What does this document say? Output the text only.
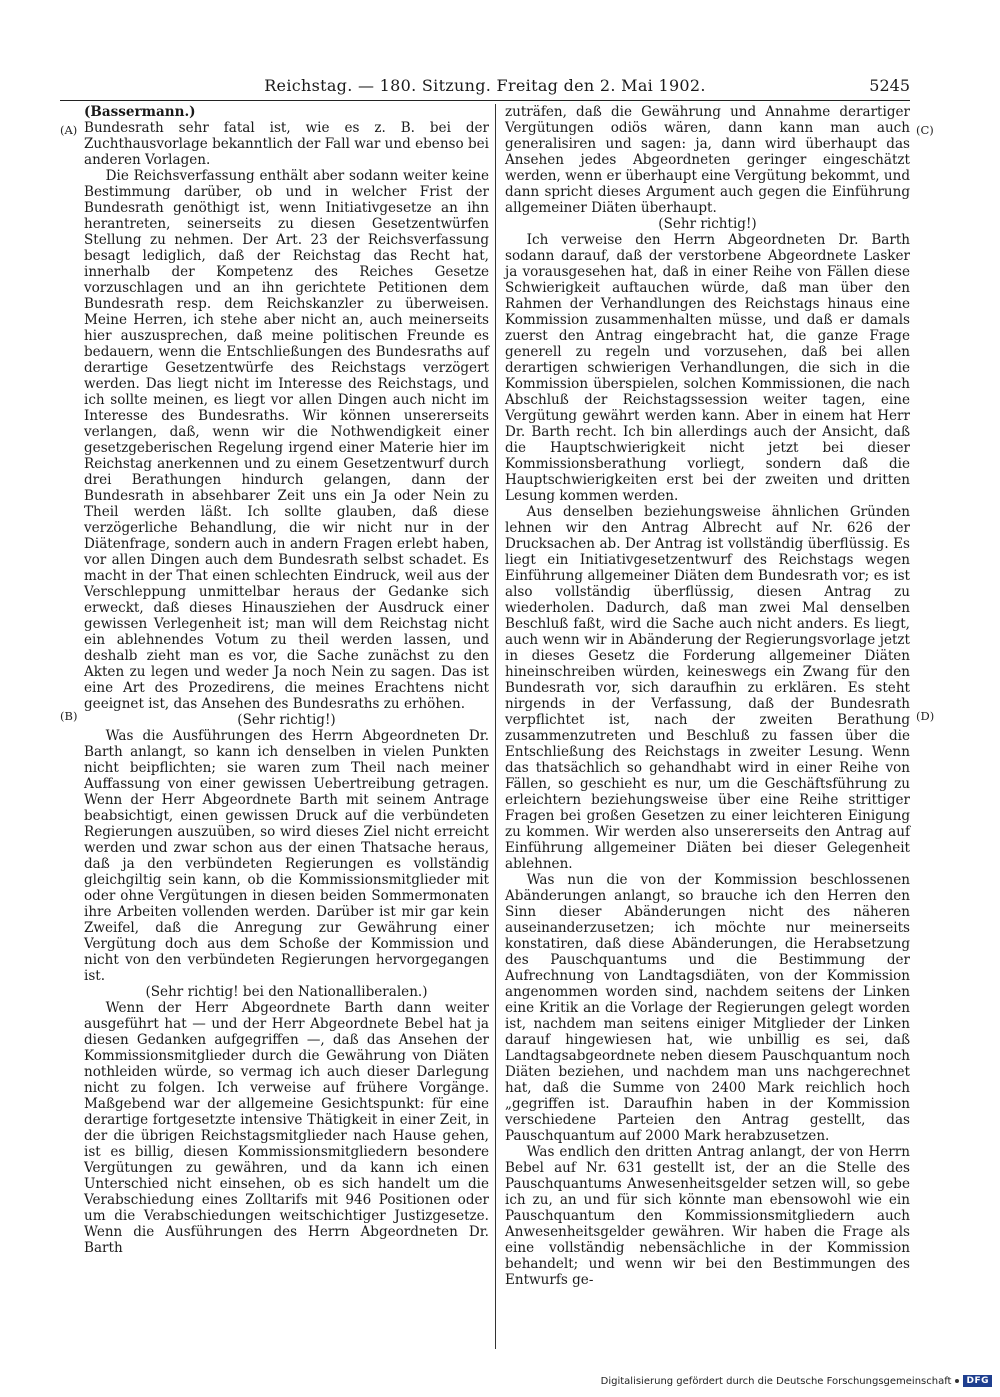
Reichstag. — 180. Sitzung. Freitag den 2. Mai 1902.	5245
(A)
(B)
(C)
(D)

(Bassermann.)

Bundesrath sehr fatal ist, wie es z. B. bei der Zuchthausvorlage bekanntlich der Fall war und ebenso bei anderen Vorlagen.

Die Reichsverfassung enthält aber sodann weiter keine Bestimmung darüber, ob und in welcher Frist der Bundesrath genöthigt ist, wenn Initiativgesetze an ihn herantreten, seinerseits zu diesen Gesetzentwürfen Stellung zu nehmen. Der Art. 23 der Reichsverfassung besagt lediglich, daß der Reichstag das Recht hat, innerhalb der Kompetenz des Reiches Gesetze vorzuschlagen und an ihn gerichtete Petitionen dem Bundesrath resp. dem Reichskanzler zu überweisen. Meine Herren, ich stehe aber nicht an, auch meinerseits hier auszusprechen, daß meine politischen Freunde es bedauern, wenn die Entschließungen des Bundesraths auf derartige Gesetzentwürfe des Reichstags verzögert werden. Das liegt nicht im Interesse des Reichstags, und ich sollte meinen, es liegt vor allen Dingen auch nicht im Interesse des Bundesraths. Wir können unsererseits verlangen, daß, wenn wir die Nothwendigkeit einer gesetzgeberischen Regelung irgend einer Materie hier im Reichstag anerkennen und zu einem Gesetzentwurf durch drei Berathungen hindurch gelangen, dann der Bundesrath in absehbarer Zeit uns ein Ja oder Nein zu Theil werden läßt. Ich sollte glauben, daß diese verzögerliche Behandlung, die wir nicht nur in der Diätenfrage, sondern auch in andern Fragen erlebt haben, vor allen Dingen auch dem Bundesrath selbst schadet. Es macht in der That einen schlechten Eindruck, weil aus der Verschleppung unmittelbar heraus der Gedanke sich erweckt, daß dieses Hinausziehen der Ausdruck einer gewissen Verlegenheit ist; man will dem Reichstag nicht ein ablehnendes Votum zu theil werden lassen, und deshalb zieht man es vor, die Sache zunächst zu den Akten zu legen und weder Ja noch Nein zu sagen. Das ist eine Art des Prozedirens, die meines Erachtens nicht geeignet ist, das Ansehen des Bundesraths zu erhöhen.

(Sehr richtig!)

Was die Ausführungen des Herrn Abgeordneten Dr. Barth anlangt, so kann ich denselben in vielen Punkten nicht beipflichten; sie waren zum Theil nach meiner Auffassung von einer gewissen Uebertreibung getragen. Wenn der Herr Abgeordnete Barth mit seinem Antrage beabsichtigt, einen gewissen Druck auf die verbündeten Regierungen auszuüben, so wird dieses Ziel nicht erreicht werden und zwar schon aus der einen Thatsache heraus, daß ja den verbündeten Regierungen es vollständig gleichgiltig sein kann, ob die Kommissionsmitglieder mit oder ohne Vergütungen in diesen beiden Sommermonaten ihre Arbeiten vollenden werden. Darüber ist mir gar kein Zweifel, daß die Anregung zur Gewährung einer Vergütung doch aus dem Schoße der Kommission und nicht von den verbündeten Regierungen hervorgegangen ist.

(Sehr richtig! bei den Nationalliberalen.)

Wenn der Herr Abgeordnete Barth dann weiter ausgeführt hat — und der Herr Abgeordnete Bebel hat ja diesen Gedanken aufgegriffen —, daß das Ansehen der Kommissionsmitglieder durch die Gewährung von Diäten nothleiden würde, so vermag ich auch dieser Darlegung nicht zu folgen. Ich verweise auf frühere Vorgänge. Maßgebend war der allgemeine Gesichtspunkt: für eine derartige fortgesetzte intensive Thätigkeit in einer Zeit, in der die übrigen Reichstagsmitglieder nach Hause gehen, ist es billig, diesen Kommissionsmitgliedern besondere Vergütungen zu gewähren, und da kann ich einen Unterschied nicht einsehen, ob es sich handelt um die Verabschiedung eines Zolltarifs mit 946 Positionen oder um die Verabschiedungen weitschichtiger Justizgesetze. Wenn die Ausführungen des Herrn Abgeordneten Dr. Barth

zuträfen, daß die Gewährung und Annahme derartiger Vergütungen odiös wären, dann kann man auch generalisiren und sagen: ja, dann wird überhaupt das Ansehen jedes Abgeordneten geringer eingeschätzt werden, wenn er überhaupt eine Vergütung bekommt, und dann spricht dieses Argument auch gegen die Einführung allgemeiner Diäten überhaupt.

(Sehr richtig!)

Ich verweise den Herrn Abgeordneten Dr. Barth sodann darauf, daß der verstorbene Abgeordnete Lasker ja vorausgesehen hat, daß in einer Reihe von Fällen diese Schwierigkeit auftauchen würde, daß man über den Rahmen der Verhandlungen des Reichstags hinaus eine Kommission zusammenhalten müsse, und daß er damals zuerst den Antrag eingebracht hat, die ganze Frage generell zu regeln und vorzusehen, daß bei allen derartigen schwierigen Verhandlungen, die sich in die Kommission überspielen, solchen Kommissionen, die nach Abschluß der Reichstagssession weiter tagen, eine Vergütung gewährt werden kann. Aber in einem hat Herr Dr. Barth recht. Ich bin allerdings auch der Ansicht, daß die Hauptschwierigkeit nicht jetzt bei dieser Kommissionsberathung vorliegt, sondern daß die Hauptschwierigkeiten erst bei der zweiten und dritten Lesung kommen werden.

Aus denselben beziehungsweise ähnlichen Gründen lehnen wir den Antrag Albrecht auf Nr. 626 der Drucksachen ab. Der Antrag ist vollständig überflüssig. Es liegt ein Initiativgesetzentwurf des Reichstags wegen Einführung allgemeiner Diäten dem Bundesrath vor; es ist also vollständig überflüssig, diesen Antrag zu wiederholen. Dadurch, daß man zwei Mal denselben Beschluß faßt, wird die Sache auch nicht anders. Es liegt, auch wenn wir in Abänderung der Regierungsvorlage jetzt in dieses Gesetz die Forderung allgemeiner Diäten hineinschreiben würden, keineswegs ein Zwang für den Bundesrath vor, sich daraufhin zu erklären. Es steht nirgends in der Verfassung, daß der Bundesrath verpflichtet ist, nach der zweiten Berathung zusammenzutreten und Beschluß zu fassen über die Entschließung des Reichstags in zweiter Lesung. Wenn das thatsächlich so gehandhabt wird in einer Reihe von Fällen, so geschieht es nur, um die Geschäftsführung zu erleichtern beziehungsweise über eine Reihe strittiger Fragen bei großen Gesetzen zu einer leichteren Einigung zu kommen. Wir werden also unsererseits den Antrag auf Einführung allgemeiner Diäten bei dieser Gelegenheit ablehnen.

Was nun die von der Kommission beschlossenen Abänderungen anlangt, so brauche ich den Herren den Sinn dieser Abänderungen nicht des näheren auseinanderzusetzen; ich möchte nur meinerseits konstatiren, daß diese Abänderungen, die Herabsetzung des Pauschquantums und die Bestimmung der Aufrechnung von Landtagsdiäten, von der Kommission angenommen worden sind, nachdem seitens der Linken eine Kritik an die Vorlage der Regierungen gelegt worden ist, nachdem man seitens einiger Mitglieder der Linken darauf hingewiesen hat, wie unbillig es sei, daß Landtagsabgeordnete neben diesem Pauschquantum noch Diäten beziehen, und nachdem man uns nachgerechnet hat, daß die Summe von 2400 Mark reichlich hoch „gegriffen ist. Daraufhin haben in der Kommission verschiedene Parteien den Antrag gestellt, das Pauschquantum auf 2000 Mark herabzusetzen.

Was endlich den dritten Antrag anlangt, der von Herrn Bebel auf Nr. 631 gestellt ist, der an die Stelle des Pauschquantums Anwesenheitsgelder setzen will, so gebe ich zu, an und für sich könnte man ebensowohl wie ein Pauschquantum den Kommissionsmitgliedern auch Anwesenheitsgelder gewähren. Wir haben die Frage als eine vollständig nebensächliche in der Kommission behandelt; und wenn wir bei den Bestimmungen des Entwurfs ge-

Digitalisierung gefördert durch die Deutsche Forschungsgemeinschaft	DFG
